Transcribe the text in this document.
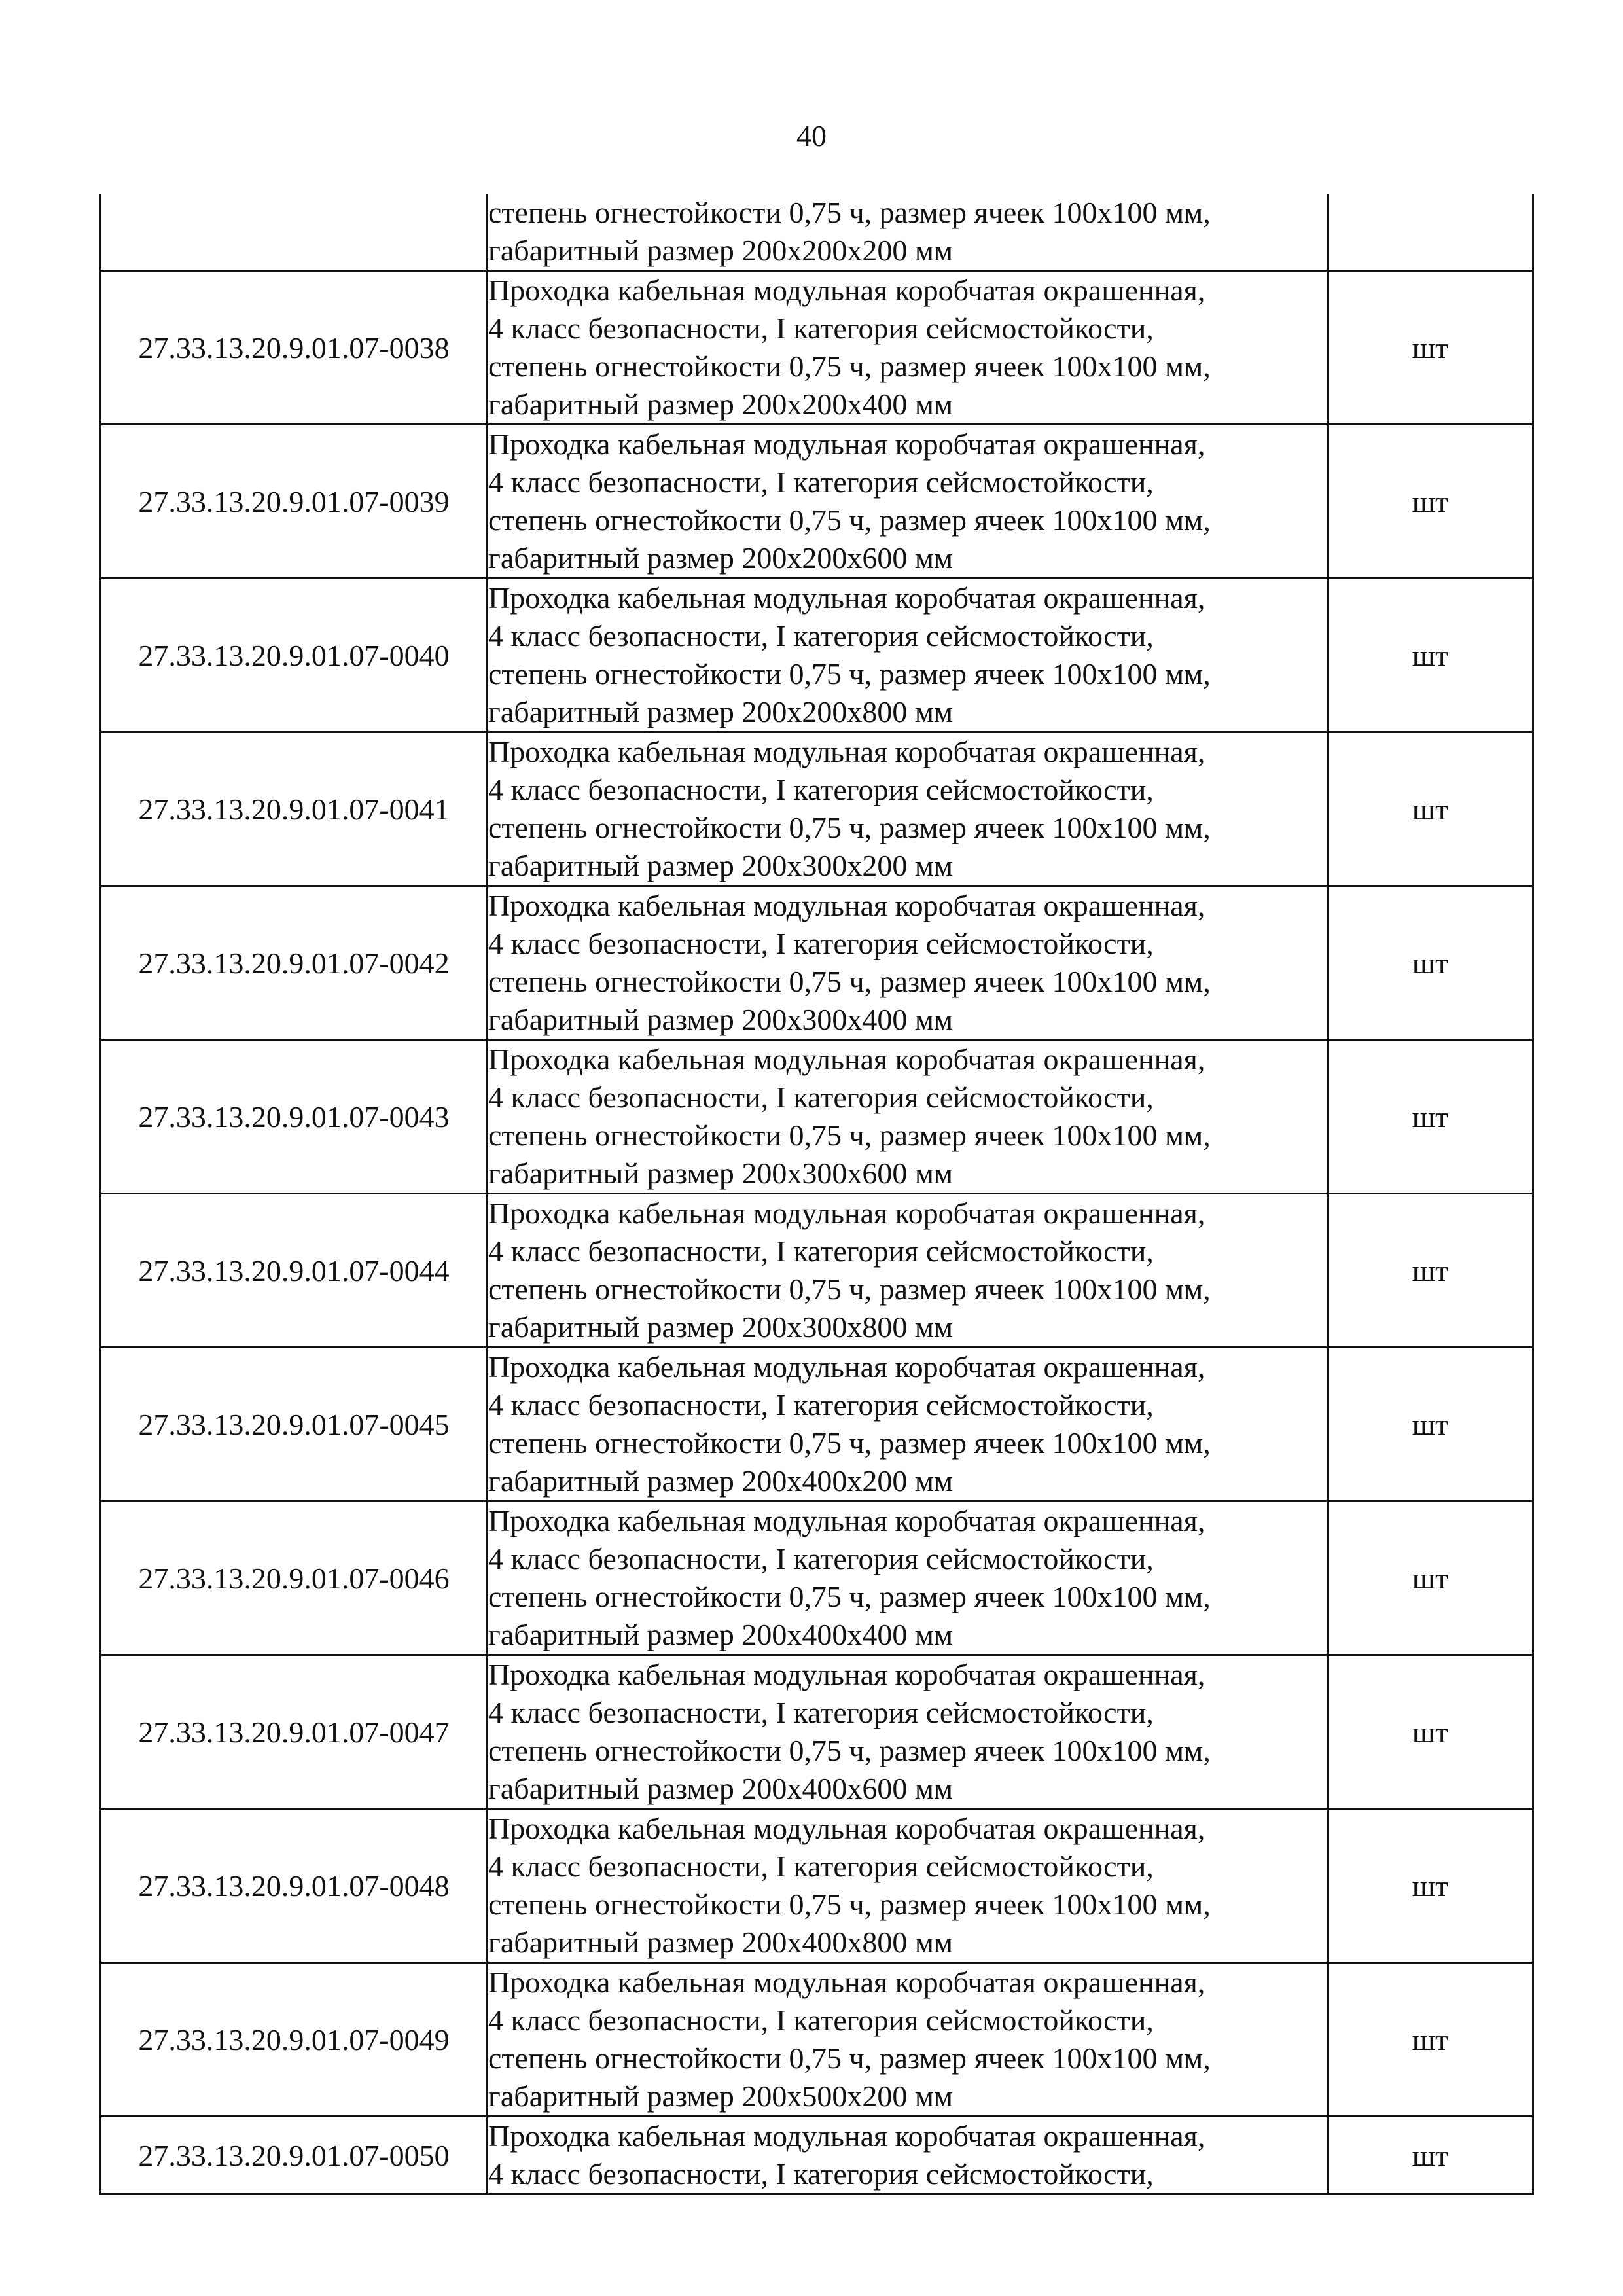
40

	степень огнестойкости 0,75 ч, размер ячеек 100х100 мм,
габаритный размер 200х200х200 мм	

27.33.13.20.9.01.07-0038	Проходка кабельная модульная коробчатая окрашенная,
4 класс безопасности, I категория сейсмостойкости,
степень огнестойкости 0,75 ч, размер ячеек 100х100 мм,
габаритный размер 200х200х400 мм	шт
27.33.13.20.9.01.07-0039	Проходка кабельная модульная коробчатая окрашенная,
4 класс безопасности, I категория сейсмостойкости,
степень огнестойкости 0,75 ч, размер ячеек 100х100 мм,
габаритный размер 200х200х600 мм	шт
27.33.13.20.9.01.07-0040	Проходка кабельная модульная коробчатая окрашенная,
4 класс безопасности, I категория сейсмостойкости,
степень огнестойкости 0,75 ч, размер ячеек 100х100 мм,
габаритный размер 200х200х800 мм	шт
27.33.13.20.9.01.07-0041	Проходка кабельная модульная коробчатая окрашенная,
4 класс безопасности, I категория сейсмостойкости,
степень огнестойкости 0,75 ч, размер ячеек 100х100 мм,
габаритный размер 200х300х200 мм	шт
27.33.13.20.9.01.07-0042	Проходка кабельная модульная коробчатая окрашенная,
4 класс безопасности, I категория сейсмостойкости,
степень огнестойкости 0,75 ч, размер ячеек 100х100 мм,
габаритный размер 200х300х400 мм	шт
27.33.13.20.9.01.07-0043	Проходка кабельная модульная коробчатая окрашенная,
4 класс безопасности, I категория сейсмостойкости,
степень огнестойкости 0,75 ч, размер ячеек 100х100 мм,
габаритный размер 200х300х600 мм	шт
27.33.13.20.9.01.07-0044	Проходка кабельная модульная коробчатая окрашенная,
4 класс безопасности, I категория сейсмостойкости,
степень огнестойкости 0,75 ч, размер ячеек 100х100 мм,
габаритный размер 200х300х800 мм	шт
27.33.13.20.9.01.07-0045	Проходка кабельная модульная коробчатая окрашенная,
4 класс безопасности, I категория сейсмостойкости,
степень огнестойкости 0,75 ч, размер ячеек 100х100 мм,
габаритный размер 200х400х200 мм	шт
27.33.13.20.9.01.07-0046	Проходка кабельная модульная коробчатая окрашенная,
4 класс безопасности, I категория сейсмостойкости,
степень огнестойкости 0,75 ч, размер ячеек 100х100 мм,
габаритный размер 200х400х400 мм	шт
27.33.13.20.9.01.07-0047	Проходка кабельная модульная коробчатая окрашенная,
4 класс безопасности, I категория сейсмостойкости,
степень огнестойкости 0,75 ч, размер ячеек 100х100 мм,
габаритный размер 200х400х600 мм	шт
27.33.13.20.9.01.07-0048	Проходка кабельная модульная коробчатая окрашенная,
4 класс безопасности, I категория сейсмостойкости,
степень огнестойкости 0,75 ч, размер ячеек 100х100 мм,
габаритный размер 200х400х800 мм	шт
27.33.13.20.9.01.07-0049	Проходка кабельная модульная коробчатая окрашенная,
4 класс безопасности, I категория сейсмостойкости,
степень огнестойкости 0,75 ч, размер ячеек 100х100 мм,
габаритный размер 200х500х200 мм	шт
27.33.13.20.9.01.07-0050	Проходка кабельная модульная коробчатая окрашенная,
4 класс безопасности, I категория сейсмостойкости,	шт
